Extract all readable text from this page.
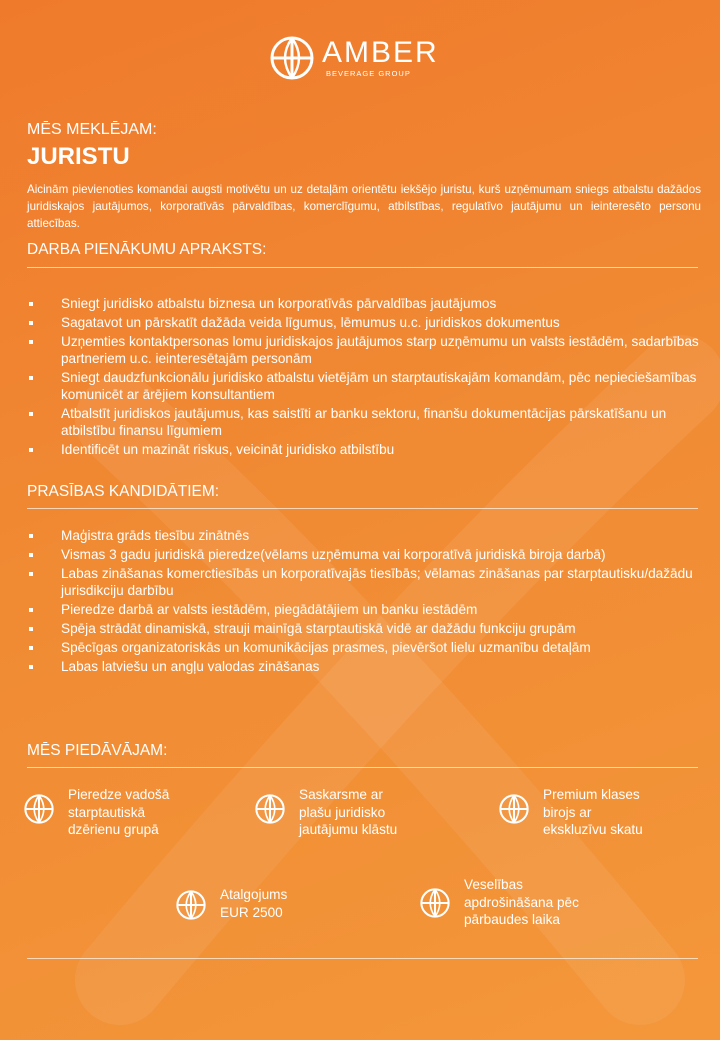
AMBER
BEVERAGE GROUP
MĒS MEKLĒJAM:
JURISTU
Aicinām pievienoties komandai augsti motivētu un uz detaļām orientētu iekšējo juristu, kurš uzņēmumam sniegs atbalstu dažādos juridiskajos jautājumos, korporatīvās pārvaldības, komerclīgumu, atbilstības, regulatīvo jautājumu un ieinteresēto personu attiecības.
DARBA PIENĀKUMU APRAKSTS:
Sniegt juridisko atbalstu biznesa un korporatīvās pārvaldības jautājumos
Sagatavot un pārskatīt dažāda veida līgumus, lēmumus u.c. juridiskos dokumentus
Uzņemties kontaktpersonas lomu juridiskajos jautājumos starp uzņēmumu un valsts iestādēm, sadarbības partneriem u.c. ieinteresētajām personām
Sniegt daudzfunkcionālu juridisko atbalstu vietējām un starptautiskajām komandām, pēc nepieciešamības komunicēt ar ārējiem konsultantiem
Atbalstīt juridiskos jautājumus, kas saistīti ar banku sektoru, finanšu dokumentācijas pārskatīšanu un atbilstību finansu līgumiem
Identificēt un mazināt riskus, veicināt juridisko atbilstību
PRASĪBAS KANDIDĀTIEM:
Maģistra grāds tiesību zinātnēs
Vismas 3 gadu juridiskā pieredze(vēlams uzņēmuma vai korporatīvā juridiskā biroja darbā)
Labas zināšanas komerctiesībās un korporatīvajās tiesībās; vēlamas zināšanas par starptautisku/dažādu jurisdikciju darbību
Pieredze darbā ar valsts iestādēm, piegādātājiem un banku iestādēm
Spēja strādāt dinamiskā, strauji mainīgā starptautiskā vidē ar dažādu funkciju grupām
Spēcīgas organizatoriskās un komunikācijas prasmes, pievēršot lielu uzmanību detaļām
Labas latviešu un angļu valodas zināšanas
MĒS PIEDĀVĀJAM:
Pieredze vadošā
starptautiskā
dzērienu grupā
Saskarsme ar
plašu juridisko
jautājumu klāstu
Premium klases
birojs ar
ekskluzīvu skatu
Atalgojums
EUR 2500
Veselības
apdrošināšana pēc
pārbaudes laika
